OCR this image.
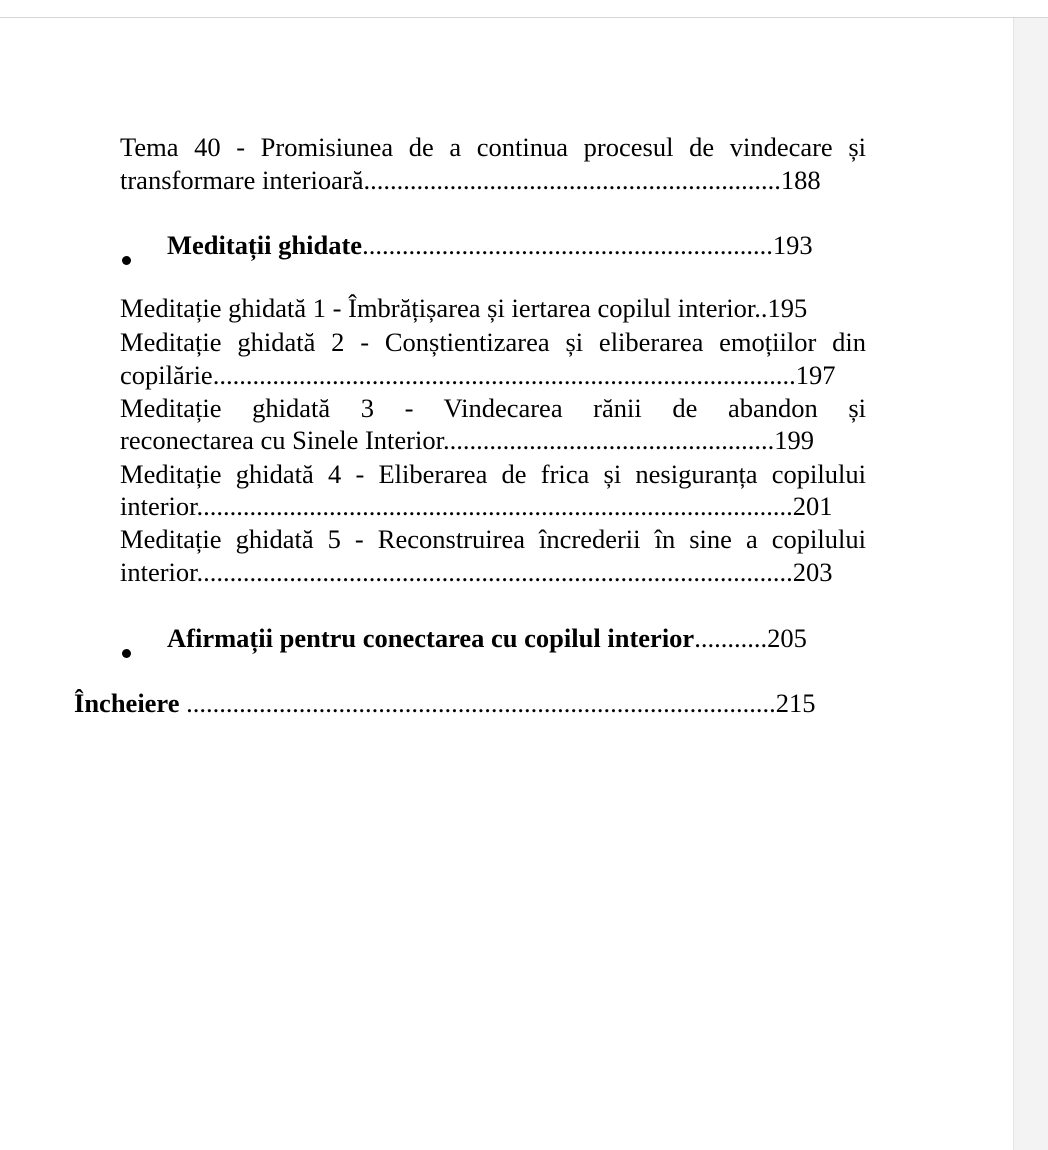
Tema 40 - Promisiunea de a continua procesul de vindecare și
transformare interioară...............................................................188
Meditații ghidate..............................................................193
Meditație ghidată 1 - Îmbrățișarea și iertarea copilul interior..195
Meditație ghidată 2 - Conștientizarea și eliberarea emoțiilor din
copilărie........................................................................................197
Meditație ghidată 3 - Vindecarea rănii de abandon și
reconectarea cu Sinele Interior..................................................199
Meditație ghidată 4 - Eliberarea de frica și nesiguranța copilului
interior..........................................................................................201
Meditație ghidată 5 - Reconstruirea încrederii în sine a copilului
interior..........................................................................................203
Afirmații pentru conectarea cu copilul interior...........205
Încheiere .........................................................................................215
